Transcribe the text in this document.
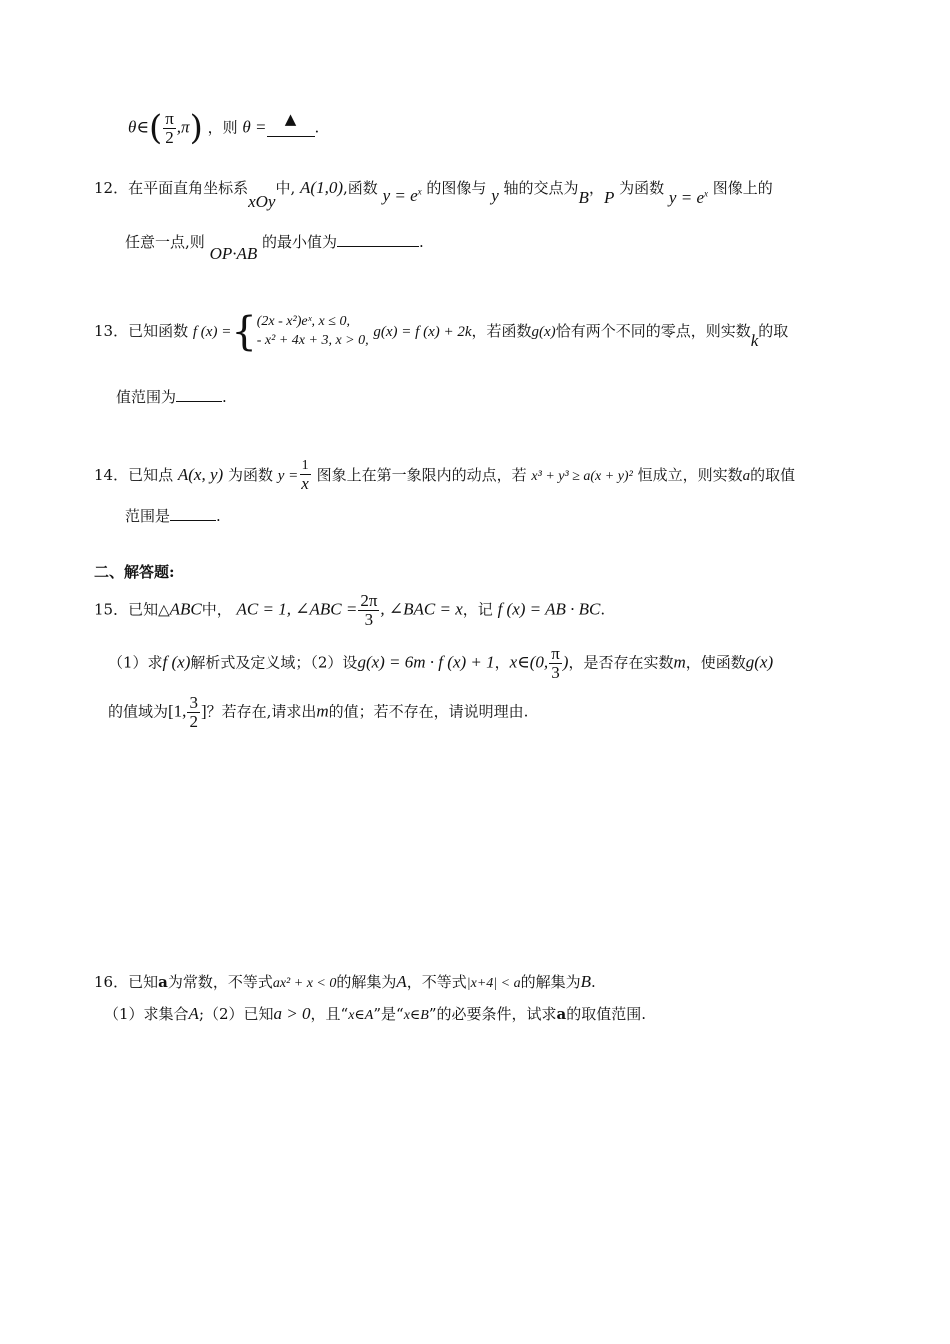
θ∈( $\frac{\pi}{2} ,\pi$) ，则 θ = ▲ .
12．在平面直角坐标系xOy中, A(1,0),函数 $y = e^x$ 的图像与 y 轴的交点为B，P 为函数 $y = e^x$ 图像上的
任意一点,则 OP·AB 的最小值为	.
13．已知函数 f (x) ={ (2x - x²)eˣ, x ≤ 0,
- x² + 4x + 3, x > 0,
g(x) = f (x) + 2k，若函数g(x)恰有两个不同的零点，则实数k的取
值范围为	.
14．已知点 A(x, y) 为函数 $y = \frac{1}{x}$ 图象上在第一象限内的动点，若 x³ + y³ ≥ a(x + y)² 恒成立，则实数a的取值
范围是	.
二、解答题:
15．已知△ABC中， AC = 1, ∠ABC = $\frac{2\pi}{3}$ , ∠BAC = x，记 f (x) = AB · BC.
（1）求f (x)解析式及定义域；（2）设g(x) = 6m · f (x) + 1，x∈(0, $\frac{\pi}{3}$ )，是否存在实数m，使函数g(x)
的值域为[1, $\frac{3}{2}$ ]？若存在,请求出m的值；若不存在，请说明理由.
16．已知a为常数，不等式ax² + x < 0的解集为A，不等式|x+4| < a的解集为B.
（1）求集合A;（2）已知a > 0，且“x∈A”是“x∈B”的必要条件，试求a的取值范围.
